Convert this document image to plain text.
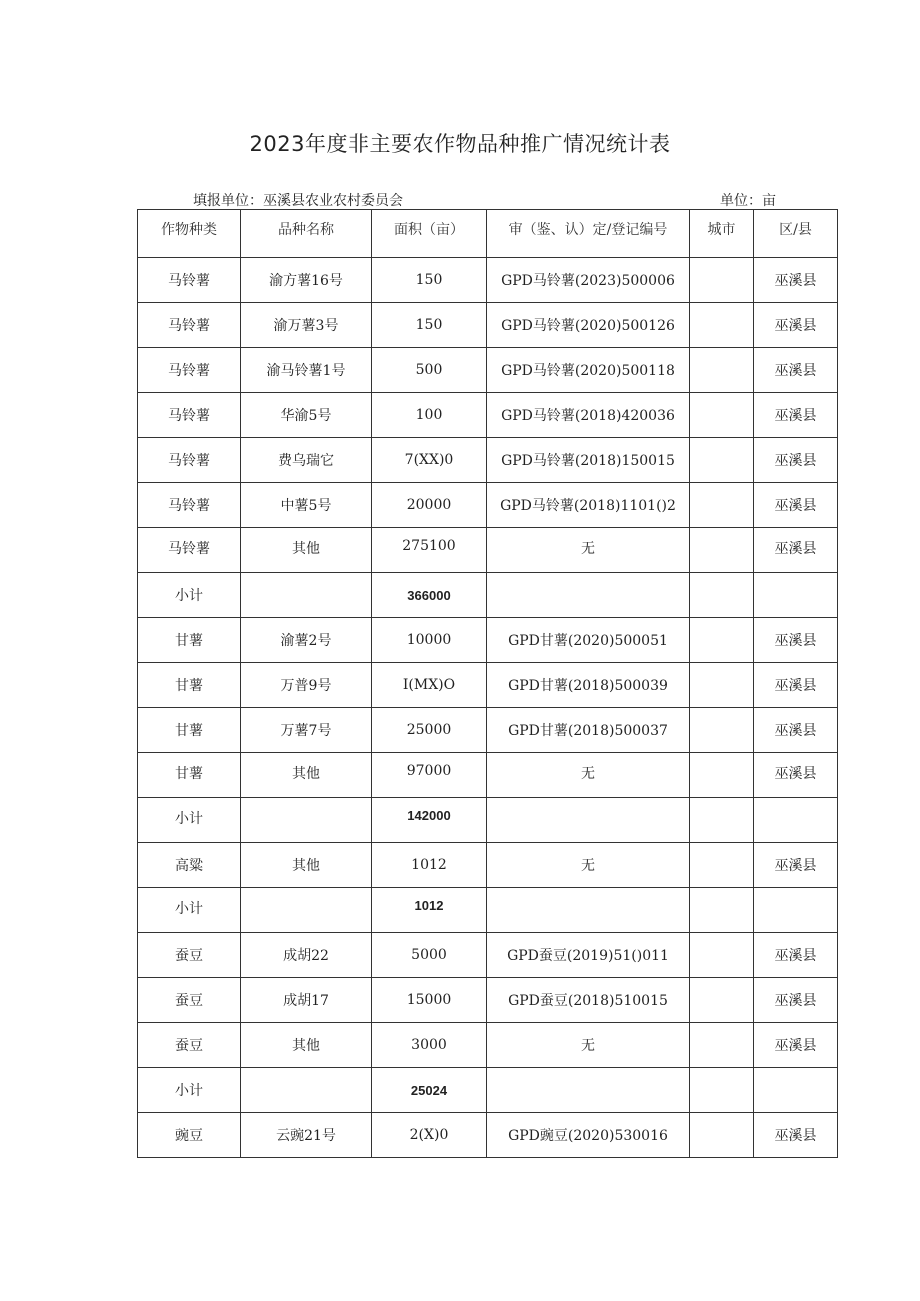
2023年度非主要农作物品种推广情况统计表
填报单位：巫溪县农业农村委员会	单位：亩
作物种类	品种名称	面积（亩）	审（鉴、认）定/登记编号	城市	区/县
马铃薯	渝方薯16号	150	GPD马铃薯(2023)500006		巫溪县
马铃薯	渝万薯3号	150	GPD马铃薯(2020)500126		巫溪县
马铃薯	渝马铃薯1号	500	GPD马铃薯(2020)500118		巫溪县
马铃薯	华渝5号	100	GPD马铃薯(2018)420036		巫溪县
马铃薯	费乌瑞它	7(XX)0	GPD马铃薯(2018)150015		巫溪县
马铃薯	中薯5号	20000	GPD马铃薯(2018)1101()2		巫溪县
马铃薯	其他	275100	无		巫溪县
小计		366000			
甘薯	渝薯2号	10000	GPD甘薯(2020)500051		巫溪县
甘薯	万普9号	I(MX)O	GPD甘薯(2018)500039		巫溪县
甘薯	万薯7号	25000	GPD甘薯(2018)500037		巫溪县
甘薯	其他	97000	无		巫溪县
小计		142000			
高粱	其他	1012	无		巫溪县
小计		1012			
蚕豆	成胡22	5000	GPD蚕豆(2019)51()011		巫溪县
蚕豆	成胡17	15000	GPD蚕豆(2018)510015		巫溪县
蚕豆	其他	3000	无		巫溪县
小计		25024			
豌豆	云豌21号	2(X)0	GPD豌豆(2020)530016		巫溪县
